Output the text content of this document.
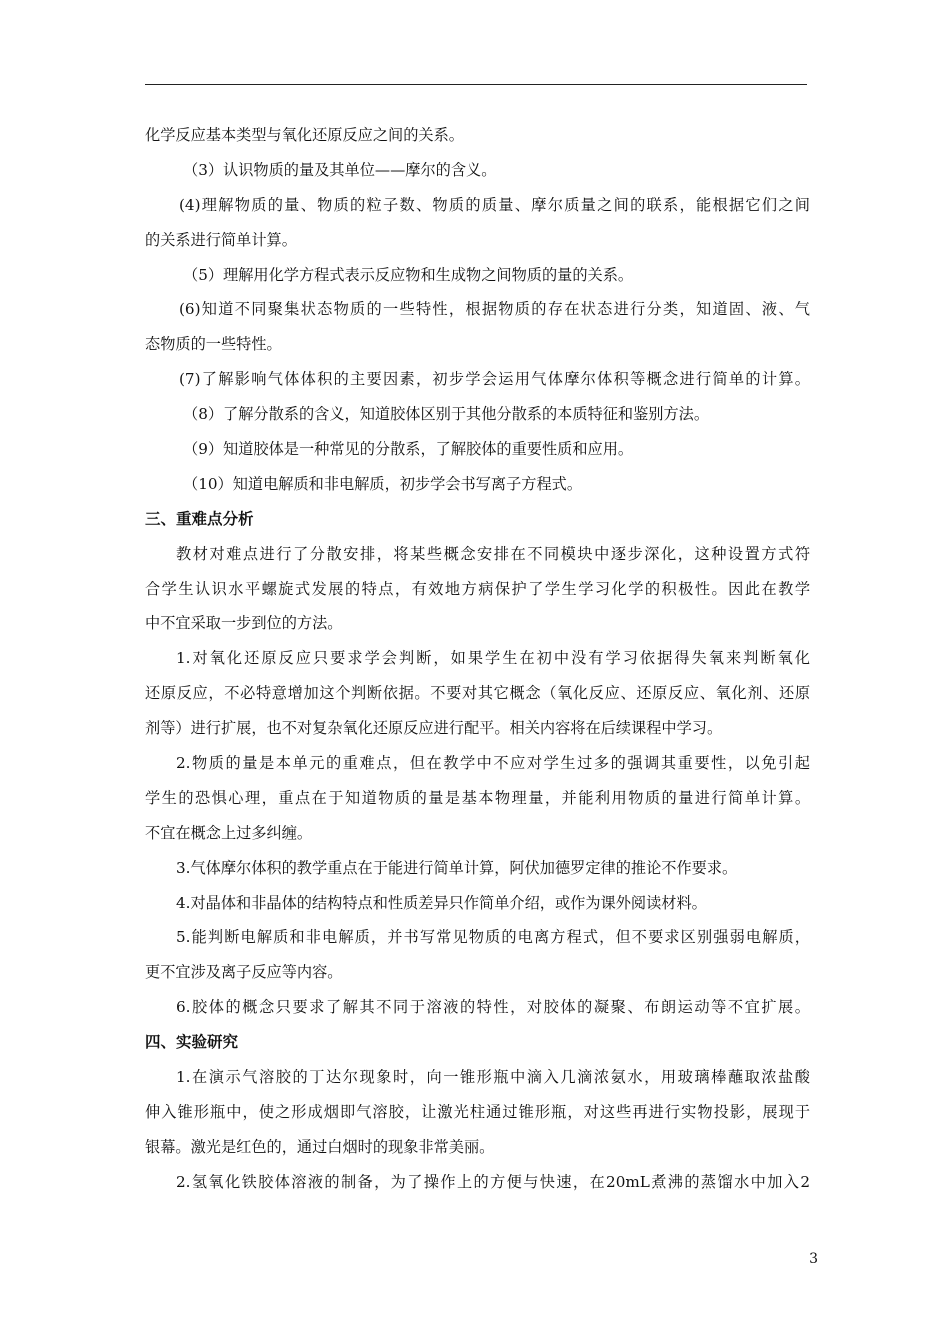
化学反应基本类型与氧化还原反应之间的关系。
（3）认识物质的量及其单位——摩尔的含义。
(4)理解物质的量、物质的粒子数、物质的质量、摩尔质量之间的联系，能根据它们之间
的关系进行简单计算。
（5）理解用化学方程式表示反应物和生成物之间物质的量的关系。
(6)知道不同聚集状态物质的一些特性，根据物质的存在状态进行分类，知道固、液、气
态物质的一些特性。
(7)了解影响气体体积的主要因素，初步学会运用气体摩尔体积等概念进行简单的计算。
（8）了解分散系的含义，知道胶体区别于其他分散系的本质特征和鉴别方法。
（9）知道胶体是一种常见的分散系，了解胶体的重要性质和应用。
（10）知道电解质和非电解质，初步学会书写离子方程式。
三、重难点分析
教材对难点进行了分散安排，将某些概念安排在不同模块中逐步深化，这种设置方式符
合学生认识水平螺旋式发展的特点，有效地方病保护了学生学习化学的积极性。因此在教学
中不宜采取一步到位的方法。
1.对氧化还原反应只要求学会判断，如果学生在初中没有学习依据得失氧来判断氧化
还原反应，不必特意增加这个判断依据。不要对其它概念（氧化反应、还原反应、氧化剂、还原
剂等）进行扩展，也不对复杂氧化还原反应进行配平。相关内容将在后续课程中学习。
2.物质的量是本单元的重难点，但在教学中不应对学生过多的强调其重要性，以免引起
学生的恐惧心理，重点在于知道物质的量是基本物理量，并能利用物质的量进行简单计算。
不宜在概念上过多纠缠。
3.气体摩尔体积的教学重点在于能进行简单计算，阿伏加德罗定律的推论不作要求。
4.对晶体和非晶体的结构特点和性质差异只作简单介绍，或作为课外阅读材料。
5.能判断电解质和非电解质，并书写常见物质的电离方程式，但不要求区别强弱电解质，
更不宜涉及离子反应等内容。
6.胶体的概念只要求了解其不同于溶液的特性，对胶体的凝聚、布朗运动等不宜扩展。
四、实验研究
1.在演示气溶胶的丁达尔现象时，向一锥形瓶中滴入几滴浓氨水，用玻璃棒蘸取浓盐酸
伸入锥形瓶中，使之形成烟即气溶胶，让激光柱通过锥形瓶，对这些再进行实物投影，展现于
银幕。激光是红色的，通过白烟时的现象非常美丽。
2.氢氧化铁胶体溶液的制备，为了操作上的方便与快速，在20mL煮沸的蒸馏水中加入2
3
